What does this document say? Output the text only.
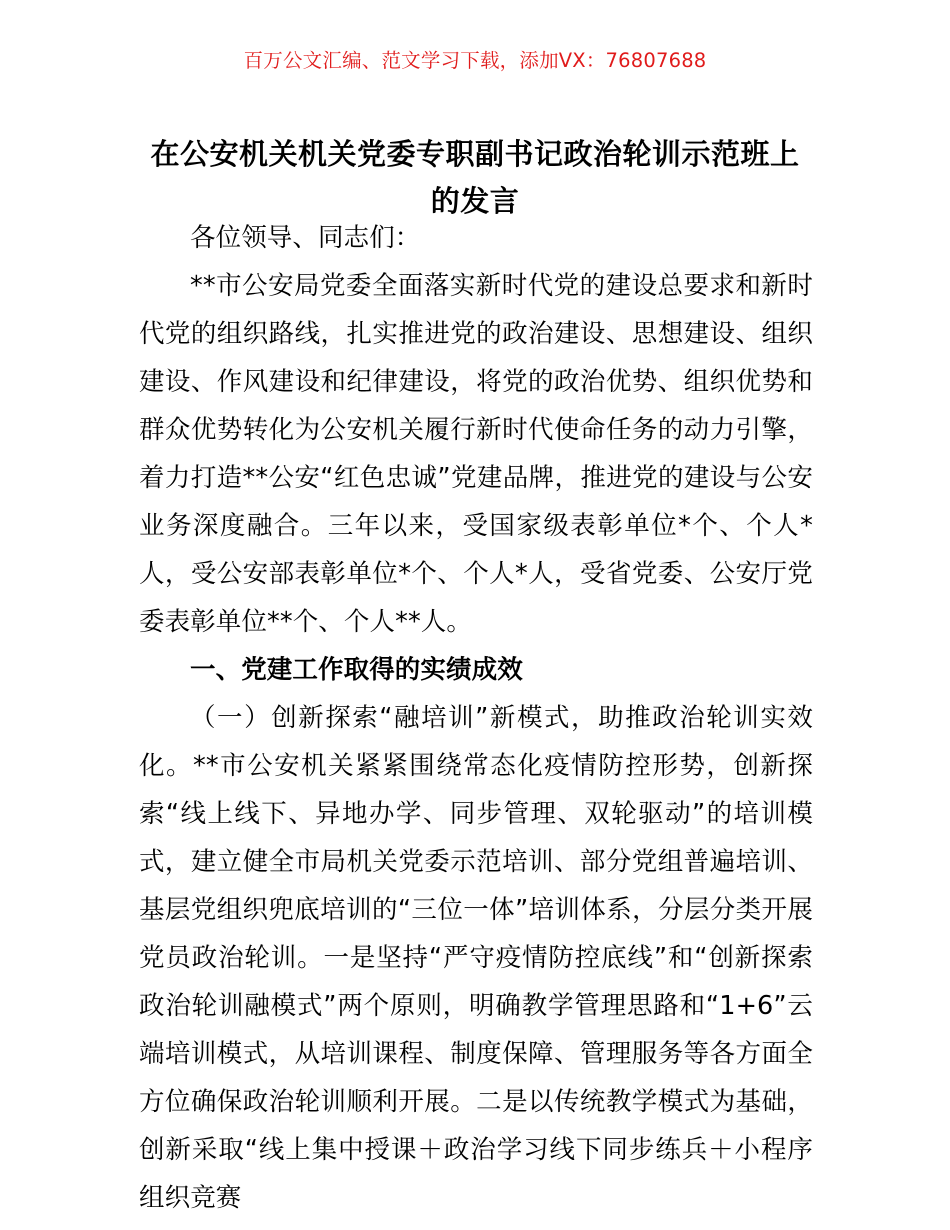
百万公文汇编、范文学习下载，添加VX：76807688
在公安机关机关党委专职副书记政治轮训示范班上的发言

各位领导、同志们：

**市公安局党委全面落实新时代党的建设总要求和新时代党的组织路线，扎实推进党的政治建设、思想建设、组织建设、作风建设和纪律建设，将党的政治优势、组织优势和群众优势转化为公安机关履行新时代使命任务的动力引擎，着力打造**公安“红色忠诚”党建品牌，推进党的建设与公安业务深度融合。三年以来，受国家级表彰单位*个、个人*人，受公安部表彰单位*个、个人*人，受省党委、公安厅党委表彰单位**个、个人**人。

一、党建工作取得的实绩成效

（一）创新探索“融培训”新模式，助推政治轮训实效化。**市公安机关紧紧围绕常态化疫情防控形势，创新探索“线上线下、异地办学、同步管理、双轮驱动”的培训模式，建立健全市局机关党委示范培训、部分党组普遍培训、基层党组织兜底培训的“三位一体”培训体系，分层分类开展党员政治轮训。一是坚持“严守疫情防控底线”和“创新探索政治轮训融模式”两个原则，明确教学管理思路和“1+6”云端培训模式，从培训课程、制度保障、管理服务等各方面全方位确保政治轮训顺利开展。二是以传统教学模式为基础，创新采取“线上集中授课＋政治学习线下同步练兵＋小程序组织竞赛
